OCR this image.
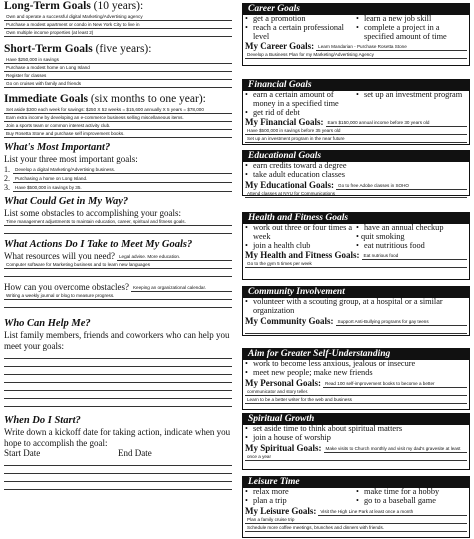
Long-Term Goals (10 years):

Own and operate a successful digital Marketing/Advertising agency
Purchase a modest apartment or condo in New York City to live in
Own multiple income properties (at least 2)

Short-Term Goals (five years):

Have $250,000 in savings
Purchase a modest home on Long Island
Register for classes
Go on cruises with family and friends

Immediate Goals (six months to one year):

Set aside $300 each week for savings: $250 X 52 weeks = $15,600 annually X 5 years = $78,000
Earn extra income by developing an e-commerce business selling miscellaneous items.
Join a sports team or common interest activity club.
Buy Rosetta Stone and purchase self improvement books.

What's Most Important?

List your three most important goals:

1.	Develop a digital Marketing/Advertising business.
2.	Purchasing a home on Long Island.
3.	Have $500,000 in savings by 35.

What Could Get in My Way?

List some obstacles to accomplishing your goals:

Time management adjustments to maintain education, career, spiritual and fitness goals.

What Actions Do I Take to Meet My Goals?

What resources will you need? Legal advise. More education.
Computer software for Marketing business and to learn new languages
How can you overcome obstacles? Keeping an organizational calendar.
Writing a weekly journal or blog to measure progress.

Who Can Help Me?

List family members, friends and coworkers who can help you meet your goals:

When Do I Start?

Write down a kickoff date for taking action, indicate when you hope to accomplish the goal:

Start Date	End Date
Career Goals
• get a promotion	• learn a new job skill
• reach a certain professional level
• complete a project in a specified amount of time
My Career Goals: Learn Mandarian - Purchase Rosetta Stone
Develop a Business Plan for my Marketing/Advertising Agency
Financial Goals
• earn a certain amount of money in a specified time
• set up an investment program
• get rid of debt
My Financial Goals: Earn $150,000 annual income before 30 years old
Have $500,000 in savings before 35 years old
Set up an investment program in the near future
Educational Goals
• earn credits toward a degree
• take adult education classes
My Educational Goals: Go to free Adobe classes in SOHO
Attend classes at NYU for Communications
Health and Fitness Goals
• work out three or four times a week
• have an annual checkup
• quit smoking
• join a health club	• eat nutritious food
My Health and Fitness Goals: Eat nutrious food
Go to the gym 5 times per week
Community Involvement
• volunteer with a scouting group, at a hospital or a similar organization
My Community Goals: Support Anti-Bullying programs for gay teens
Aim for Greater Self-Understanding
• work to become less anxious, jealous or insecure
• meet new people; make new friends
My Personal Goals: Read 100 self-improvement books to become a better
communicator and story teller.
Learn to be a better writer for the web and business
Spiritual Growth
• set aside time to think about spiritual matters
• join a house of worship
My Spiritual Goals: Make visits to Church monthly and visit my dad's gravesite at least
once a year
Leisure Time
• relax more	• make time for a hobby
• plan a trip	• go to a baseball game
My Leisure Goals: Visit the High Line Park at least once a month
Plan a family cruise trip
Schedule more coffee meetings, brunches and dinners with friends.
